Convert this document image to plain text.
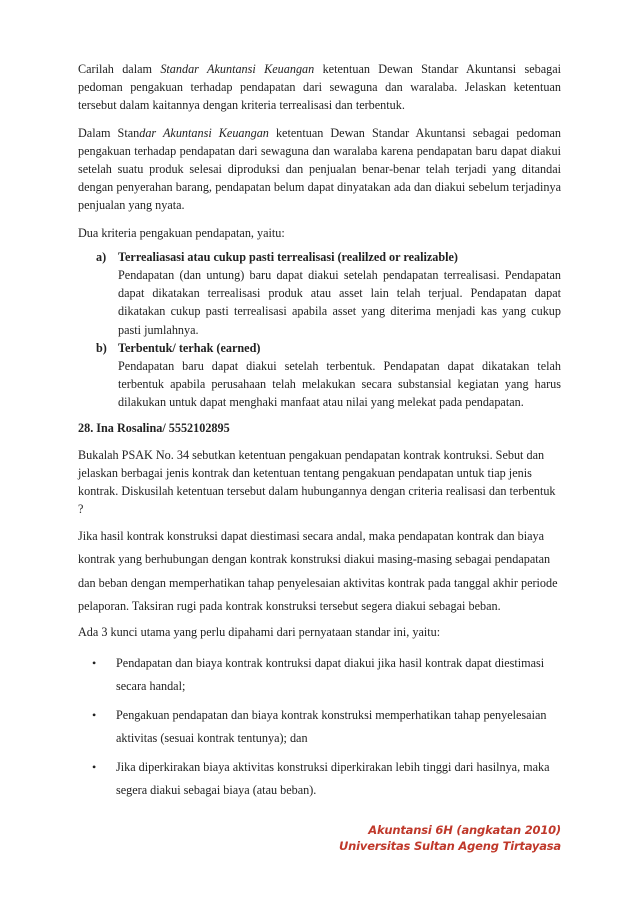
Carilah dalam Standar Akuntansi Keuangan ketentuan Dewan Standar Akuntansi sebagai pedoman pengakuan terhadap pendapatan dari sewaguna dan waralaba. Jelaskan ketentuan tersebut dalam kaitannya dengan kriteria terrealisasi dan terbentuk.

Dalam Standar Akuntansi Keuangan ketentuan Dewan Standar Akuntansi sebagai pedoman pengakuan terhadap pendapatan dari sewaguna dan waralaba karena pendapatan baru dapat diakui setelah suatu produk selesai diproduksi dan penjualan benar-benar telah terjadi yang ditandai dengan penyerahan barang, pendapatan belum dapat dinyatakan ada dan diakui sebelum terjadinya penjualan yang nyata.

Dua kriteria pengakuan pendapatan, yaitu:

a) Terrealiasasi atau cukup pasti terrealisasi (realilzed or realizable)

Pendapatan (dan untung) baru dapat diakui setelah pendapatan terrealisasi. Pendapatan dapat dikatakan terrealisasi produk atau asset lain telah terjual. Pendapatan dapat dikatakan cukup pasti terrealisasi apabila asset yang diterima menjadi kas yang cukup pasti jumlahnya.

b) Terbentuk/ terhak (earned)

Pendapatan baru dapat diakui setelah terbentuk. Pendapatan dapat dikatakan telah terbentuk apabila perusahaan telah melakukan secara substansial kegiatan yang harus dilakukan untuk dapat menghaki manfaat atau nilai yang melekat pada pendapatan.

28. Ina Rosalina/ 5552102895

Bukalah PSAK No. 34 sebutkan ketentuan pengakuan pendapatan kontrak kontruksi. Sebut dan jelaskan berbagai jenis kontrak dan ketentuan tentang pengakuan pendapatan untuk tiap jenis kontrak. Diskusilah ketentuan tersebut dalam hubungannya dengan criteria realisasi dan terbentuk ?

Jika hasil kontrak konstruksi dapat diestimasi secara andal, maka pendapatan kontrak dan biaya kontrak yang berhubungan dengan kontrak konstruksi diakui masing-masing sebagai pendapatan dan beban dengan memperhatikan tahap penyelesaian aktivitas kontrak pada tanggal akhir periode pelaporan. Taksiran rugi pada kontrak konstruksi tersebut segera diakui sebagai beban.

Ada 3 kunci utama yang perlu dipahami dari pernyataan standar ini, yaitu:

•	Pendapatan dan biaya kontrak kontruksi dapat diakui jika hasil kontrak dapat diestimasi secara handal;

•	Pengakuan pendapatan dan biaya kontrak konstruksi memperhatikan tahap penyelesaian aktivitas (sesuai kontrak tentunya); dan

•	Jika diperkirakan biaya aktivitas konstruksi diperkirakan lebih tinggi dari hasilnya, maka segera diakui sebagai biaya (atau beban).

Akuntansi 6H (angkatan 2010)
Universitas Sultan Ageng Tirtayasa
